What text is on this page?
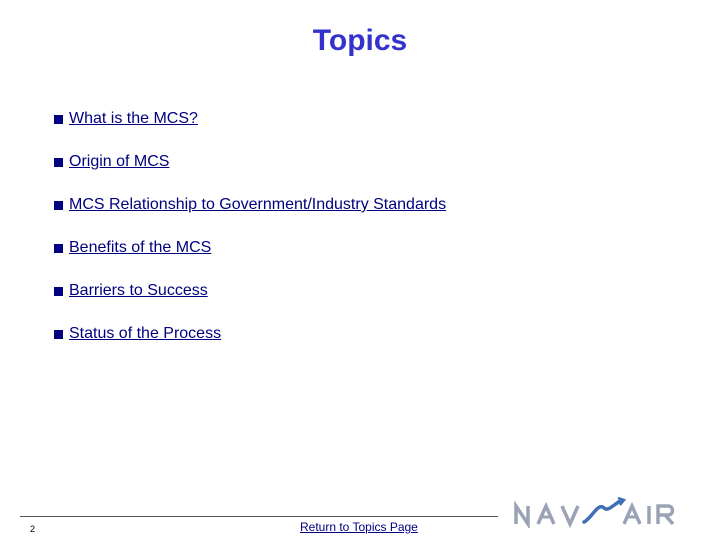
Topics
What is the MCS?
Origin of MCS
MCS Relationship to Government/Industry Standards
Benefits of the MCS
Barriers to Success
Status of the Process
2	Return to Topics Page
